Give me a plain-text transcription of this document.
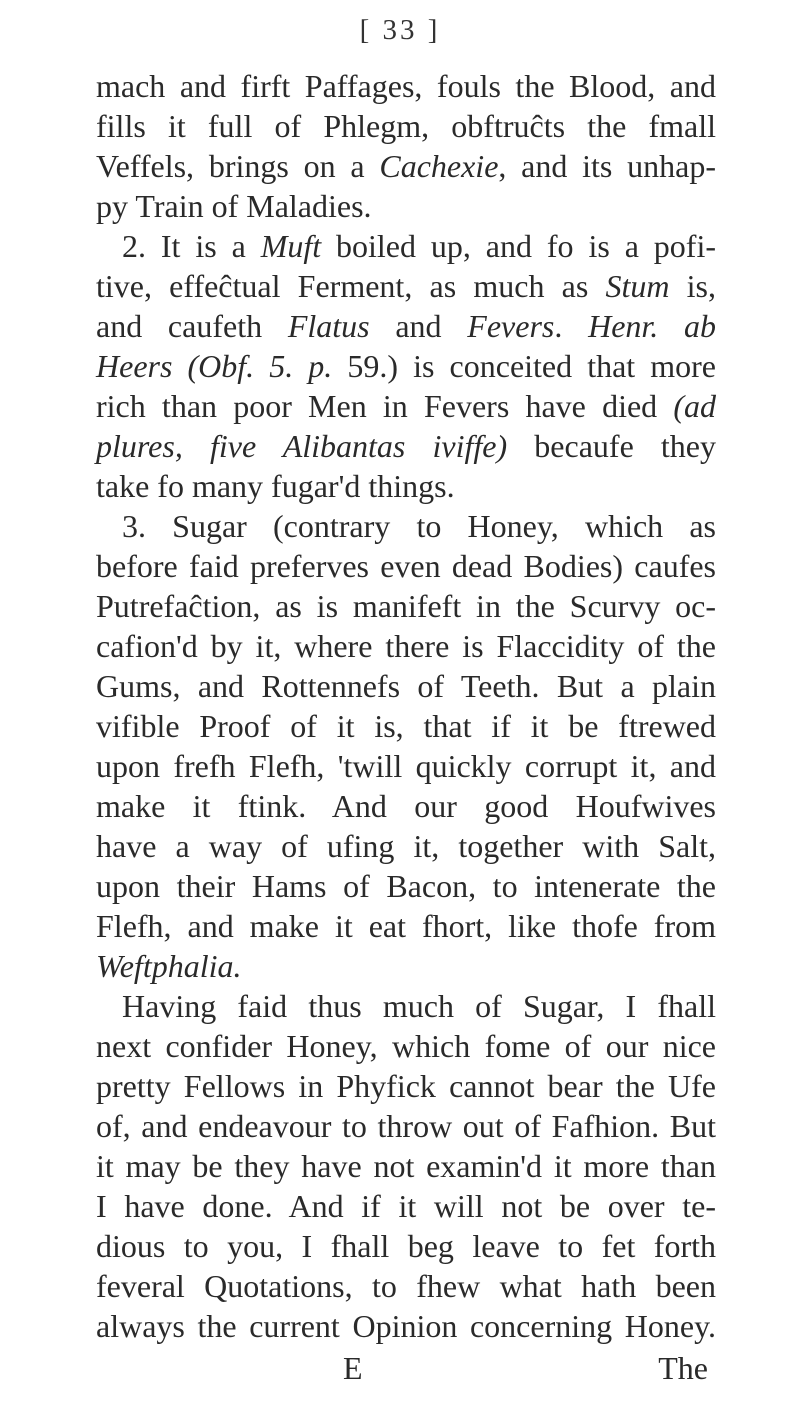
[ 33 ]
mach and firft Paffages, fouls the Blood, and
fills it full of Phlegm, obftruĉts the fmall
Veffels, brings on a Cachexie, and its unhap-
py Train of Maladies.
2. It is a Muft boiled up, and fo is a pofi-
tive, effeĉtual Ferment, as much as Stum is,
and caufeth Flatus and Fevers. Henr. ab
Heers (Obf. 5. p. 59.) is conceited that more
rich than poor Men in Fevers have died (ad
plures, five Alibantas iviffe) becaufe they
take fo many fugar'd things.
3. Sugar (contrary to Honey, which as
before faid preferves even dead Bodies) caufes
Putrefaĉtion, as is manifeft in the Scurvy oc-
cafion'd by it, where there is Flaccidity of the
Gums, and Rottennefs of Teeth. But a plain
vifible Proof of it is, that if it be ftrewed
upon frefh Flefh, 'twill quickly corrupt it, and
make it ftink. And our good Houfwives
have a way of ufing it, together with Salt,
upon their Hams of Bacon, to intenerate the
Flefh, and make it eat fhort, like thofe from
Weftphalia.
Having faid thus much of Sugar, I fhall
next confider Honey, which fome of our nice
pretty Fellows in Phyfick cannot bear the Ufe
of, and endeavour to throw out of Fafhion. But
it may be they have not examin'd it more than
I have done. And if it will not be over te-
dious to you, I fhall beg leave to fet forth
feveral Quotations, to fhew what hath been
always the current Opinion concerning Honey.
E	The
